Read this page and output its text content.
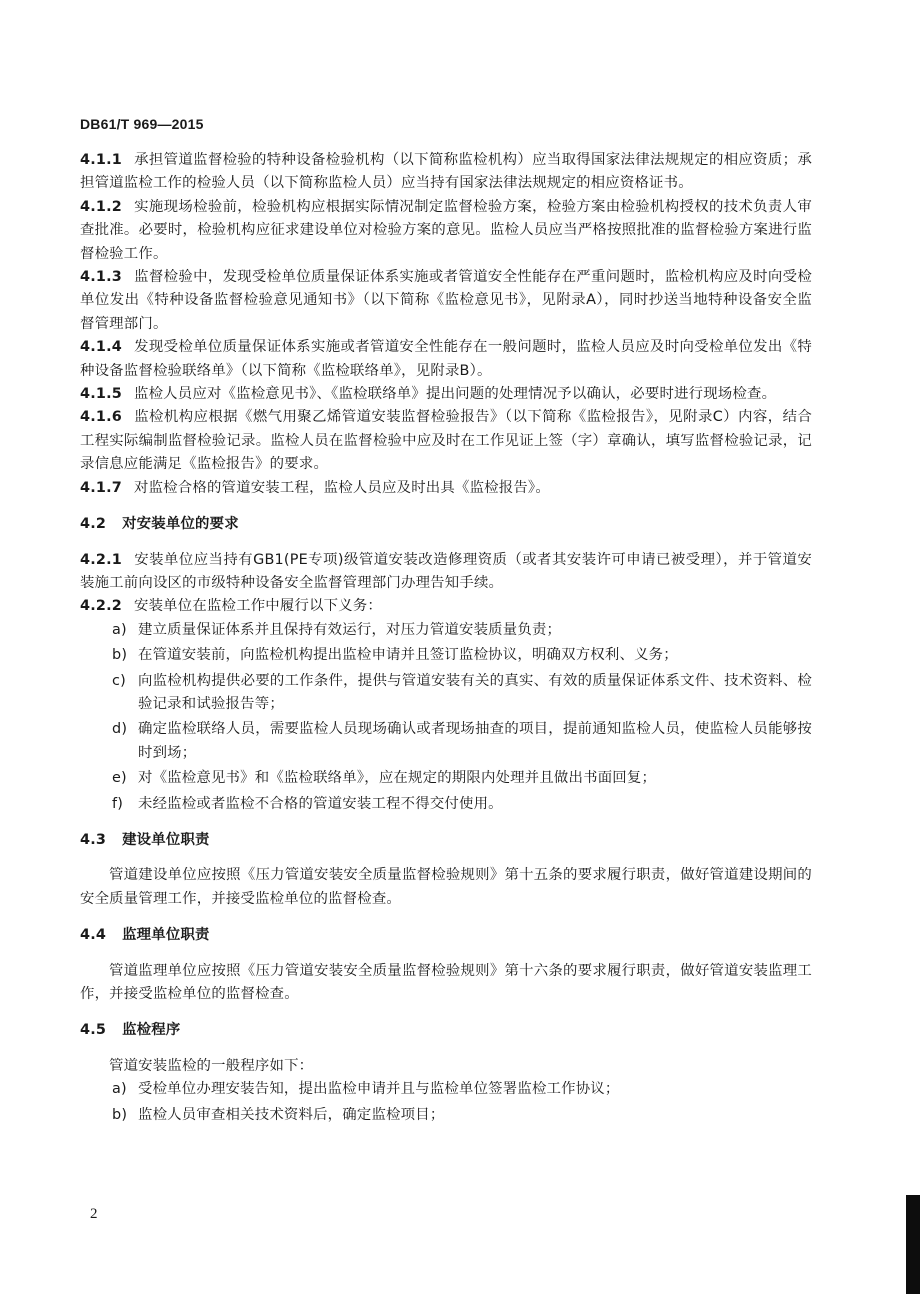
DB61/T 969—2015

4.1.1 承担管道监督检验的特种设备检验机构（以下简称监检机构）应当取得国家法律法规规定的相应资质；承担管道监检工作的检验人员（以下简称监检人员）应当持有国家法律法规规定的相应资格证书。

4.1.2 实施现场检验前，检验机构应根据实际情况制定监督检验方案，检验方案由检验机构授权的技术负责人审查批准。必要时，检验机构应征求建设单位对检验方案的意见。监检人员应当严格按照批准的监督检验方案进行监督检验工作。

4.1.3 监督检验中，发现受检单位质量保证体系实施或者管道安全性能存在严重问题时，监检机构应及时向受检单位发出《特种设备监督检验意见通知书》（以下简称《监检意见书》，见附录A），同时抄送当地特种设备安全监督管理部门。

4.1.4 发现受检单位质量保证体系实施或者管道安全性能存在一般问题时，监检人员应及时向受检单位发出《特种设备监督检验联络单》（以下简称《监检联络单》，见附录B）。

4.1.5 监检人员应对《监检意见书》、《监检联络单》提出问题的处理情况予以确认，必要时进行现场检查。

4.1.6 监检机构应根据《燃气用聚乙烯管道安装监督检验报告》（以下简称《监检报告》，见附录C）内容，结合工程实际编制监督检验记录。监检人员在监督检验中应及时在工作见证上签（字）章确认，填写监督检验记录，记录信息应能满足《监检报告》的要求。

4.1.7 对监检合格的管道安装工程，监检人员应及时出具《监检报告》。

4.2 对安装单位的要求

4.2.1 安装单位应当持有GB1(PE专项)级管道安装改造修理资质（或者其安装许可申请已被受理），并于管道安装施工前向设区的市级特种设备安全监督管理部门办理告知手续。

4.2.2 安装单位在监检工作中履行以下义务：

a) 建立质量保证体系并且保持有效运行，对压力管道安装质量负责；

b) 在管道安装前，向监检机构提出监检申请并且签订监检协议，明确双方权利、义务；

c) 向监检机构提供必要的工作条件，提供与管道安装有关的真实、有效的质量保证体系文件、技术资料、检验记录和试验报告等；

d) 确定监检联络人员，需要监检人员现场确认或者现场抽查的项目，提前通知监检人员，使监检人员能够按时到场；

e) 对《监检意见书》和《监检联络单》，应在规定的期限内处理并且做出书面回复；

f) 未经监检或者监检不合格的管道安装工程不得交付使用。

4.3 建设单位职责

管道建设单位应按照《压力管道安装安全质量监督检验规则》第十五条的要求履行职责，做好管道建设期间的安全质量管理工作，并接受监检单位的监督检查。

4.4 监理单位职责

管道监理单位应按照《压力管道安装安全质量监督检验规则》第十六条的要求履行职责，做好管道安装监理工作，并接受监检单位的监督检查。

4.5 监检程序

管道安装监检的一般程序如下：

a) 受检单位办理安装告知，提出监检申请并且与监检单位签署监检工作协议；

b) 监检人员审查相关技术资料后，确定监检项目；

2
